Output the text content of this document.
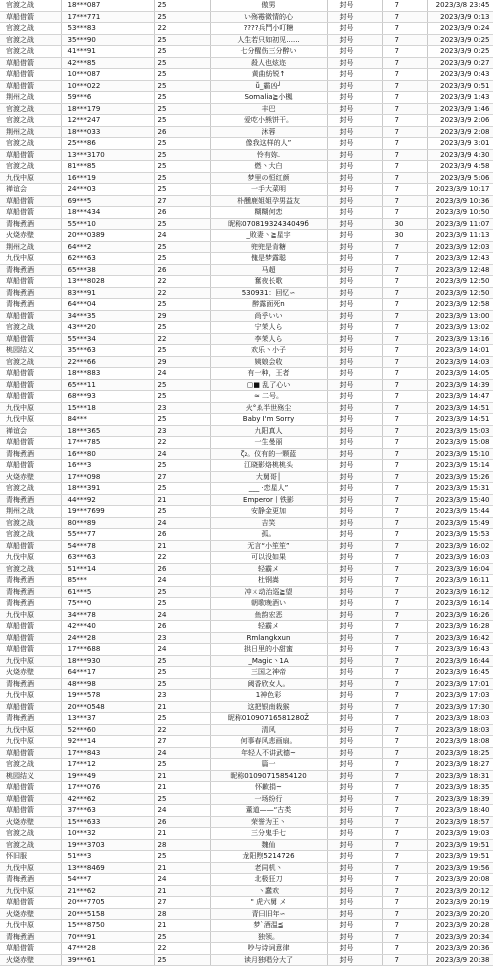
官渡之战	18***087	25	傲男	封号	7	2023/3/8 23:45
草船借箭	17***771	25	い殇霉微情的心	封号	7	2023/3/9 0:13
官渡之战	53***83	22	????兵鬥小叮糖	封号	7	2023/3/9 0:24
官渡之战	35***90	25	人生若只如初见......	封号	7	2023/3/9 0:25
官渡之战	41***91	25	七分醒伤三分醉い	封号	7	2023/3/9 0:25
草船借箭	42***85	25	殺人也炫迩	封号	7	2023/3/9 0:27
草船借箭	10***087	25	黄曲紡锐↑	封号	7	2023/3/9 0:43
草船借箭	10***022	25	ǚ_霸凶╯	封号	7	2023/3/9 0:51
荆州之战	59***6	25	Somalia≧小楓	封号	7	2023/3/9 1:43
官渡之战	18***179	25	丰巴	封号	7	2023/3/9 1:46
官渡之战	12***247	25	爱吃小熊饼干。	封号	7	2023/3/9 2:06
荆州之战	18***033	26	沐蓉	封号	7	2023/3/9 2:08
官渡之战	25***86	25	像我这样的人”	封号	7	2023/3/9 3:01
草船借箭	13***3170	25	怜有妳.	封号	7	2023/3/9 4:30
官渡之战	81***85	25	燃丶大白	封号	7	2023/3/9 4:58
九伐中原	16***19	25	梦里の恒红颜	封号	7	2023/3/9 5:06
禅谊会	24***03	25	一手大菜明	封号	7	2023/3/9 10:17
草船借箭	69***5	27	朴醺鹿姐姐孕男益友	封号	7	2023/3/9 10:36
草船借箭	18***434	26	糊糊何恋	封号	7	2023/3/9 10:50
青梅煮酒	55***10	25	昵称07081932434049б	封号	30	2023/3/9 11:07
火烧赤壁	20***0389	24	_敗妻丶≧星宇	封号	30	2023/3/9 11:13
荆州之战	64***2	25	兜兜是肯糖	封号	7	2023/3/9 12:03
九伐中原	62***63	25	傀是梦露聪	封号	7	2023/3/9 12:43
青梅煮酒	65***38	26	马超	封号	7	2023/3/9 12:48
草船借箭	13***8028	22	奮夜长歌	封号	7	2023/3/9 12:50
青梅煮酒	83***91	22	530931：回忆∽	封号	7	2023/3/9 12:50
青梅煮酒	64***04	25	醉露面死n	封号	7	2023/3/9 12:58
草船借箭	34***35	29	尚乎いい	封号	7	2023/3/9 13:00
官渡之战	43***20	25	宁茉人ら	封号	7	2023/3/9 13:02
草船借箭	55***34	22	李茉人ら	封号	7	2023/3/9 13:16
桃园结义	35***63	25	欢乐丶小子	封号	7	2023/3/9 14:01
官渡之战	22***66	29	姨娘会收	封号	7	2023/3/9 14:03
草船借箭	18***883	24	有一种，王者	封号	7	2023/3/9 14:05
草船借箭	65***11	25	▢■ 乱了心い	封号	7	2023/3/9 14:39
草船借箭	68***93	25	≈ 二号。	封号	7	2023/3/9 14:47
九伐中原	15***18	23	火°ゑ半世殇尘	封号	7	2023/3/9 14:51
九伐中原	84***	25	Baby I'm Sorry	封号	7	2023/3/9 14:51
禅谊会	18***365	23	九阳真人	封号	7	2023/3/9 15:03
草船借箭	17***785	22	一生曼丽	封号	7	2023/3/9 15:08
青梅煮酒	16***80	24	ζ₂。仪有的一颗蓝	封号	7	2023/3/9 15:10
草船借箭	16***3	25	江晓影烙桃桃头	封号	7	2023/3/9 15:14
火烧赤壁	17***098	27	大舅哥│	封号	7	2023/3/9 15:26
官渡之战	18***391	25	___ ·恋星人”	封号	7	2023/3/9 15:31
青梅煮酒	44***92	21	Emperor丨铁影	封号	7	2023/3/9 15:40
荆州之战	19***7699	25	安静金更加	封号	7	2023/3/9 15:44
官渡之战	80***89	24	吉笑	封号	7	2023/3/9 15:49
官渡之战	55***77	26	孤。	封号	7	2023/3/9 15:53
草船借箭	54***78	21	无言“小笙笙”	封号	7	2023/3/9 16:02
九伐中原	63***63	22	可以没如果	封号	7	2023/3/9 16:03
官渡之战	51***14	26	轻霸メ	封号	7	2023/3/9 16:04
青梅煮酒	85***	24	杜钢嵩	封号	7	2023/3/9 16:11
青梅煮酒	61***5	25	冲ㄨ动治巡≧望	封号	7	2023/3/9 16:12
青梅煮酒	75***0	25	朝歌晚酒い	封号	7	2023/3/9 16:14
九伐中原	34***78	24	鱼韵宏恶	封号	7	2023/3/9 16:26
草船借箭	42***40	26	轻霸メ	封号	7	2023/3/9 16:28
草船借箭	24***28	23	Rmlangkxun	封号	7	2023/3/9 16:42
草船借箭	17***688	24	拱日里的小甜蜜	封号	7	2023/3/9 16:43
九伐中原	18***930	25	_Magic丶1A	封号	7	2023/3/9 16:44
火烧赤壁	64***17	25	三国之神帝	封号	7	2023/3/9 16:45
青梅煮酒	48***98	25	阈香欣女人。	封号	7	2023/3/9 17:01
九伐中原	19***578	23	1神色彩	封号	7	2023/3/9 17:03
草船借箭	20***0548	21	这把银南栽猴	封号	7	2023/3/9 17:30
青梅煮酒	13***37	25	昵称01090716581280Ž	封号	7	2023/3/9 18:03
九伐中原	52***60	22	清风	封号	7	2023/3/9 18:03
九伐中原	92***14	27	何事春风悲画扇。	封号	7	2023/3/9 18:08
草船借箭	17***843	24	年轻人不讲武德~	封号	7	2023/3/9 18:25
官渡之战	17***12	25	篇一	封号	7	2023/3/9 18:27
桃园结义	19***49	21	昵称01090715854120	封号	7	2023/3/9 18:31
草船借箭	17***076	21	怀歉捐~	封号	7	2023/3/9 18:35
草船借箭	42***62	25	一场纷行	封号	7	2023/3/9 18:39
草船借箭	37***63	24	董道——“古类	封号	7	2023/3/9 18:40
火烧赤壁	15***633	26	荣誉为王丶	封号	7	2023/3/9 18:57
官渡之战	10***32	21	三分鬼手七	封号	7	2023/3/9 19:03
官渡之战	19***3703	28	魏仙	封号	7	2023/3/9 19:51
怀旧服	51***3	25	龙阳煦5214726	封号	7	2023/3/9 19:51
九伐中原	13***8469	21	老同机丶	封号	7	2023/3/9 19:56
青梅煮酒	54***7	24	北极狂刀	封号	7	2023/3/9 20:08
九伐中原	21***62	21	丶蠢欢	封号	7	2023/3/9 20:12
草船借箭	20***7705	27	" 虎六舅 メ	封号	7	2023/3/9 20:19
火烧赤壁	20***5158	28	青曰旧年∽	封号	7	2023/3/9 20:20
九伐中原	15***8750	21	梦`酒温≦	封号	7	2023/3/9 20:28
青梅煮酒	70***91	25	独领。	封号	7	2023/3/9 20:34
草船借箭	47***28	22	吵与诗词意律	封号	7	2023/3/9 20:36
火烧赤壁	39***61	25	读月独唱分大了	封号	7	2023/3/9 20:38
